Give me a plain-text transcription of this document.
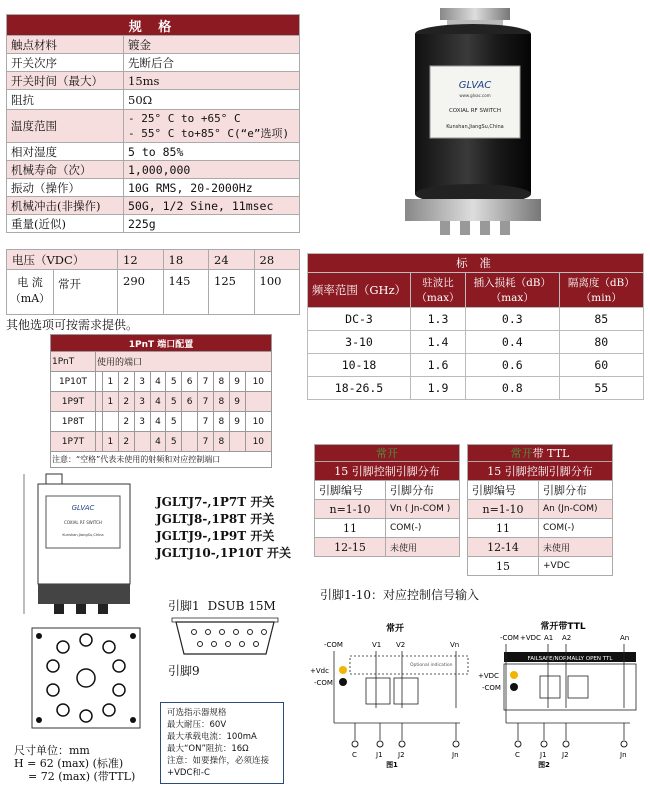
规 格	
触点材料	镀金
开关次序	先断后合
开关时间（最大）	15ms
阻抗	50Ω
温度范围	- 25° C to +65° C
- 55° C to+85° C(“e”选项)

相对湿度	5 to 85%
机械寿命（次）	1,000,000
振动（操作）	10G RMS, 20-2000Hz
机械冲击(非操作)	50G, 1/2 Sine, 11msec
重量(近似)	225g
GLVAC
www.glvac.com
COXIAL RF SWITCH
Kunshan,JiangSu,China
电压（VDC）	12	18	24	28

电 流
（mA）
常开	290	145	125	100
其他选项可按需求提供。
标 准			
频率范围（GHz）	驻波比（max）	插入损耗（dB）（max）	隔离度（dB）（min）
DC-3	1.3	0.3	85
3-10	1.4	0.4	80
10-18	1.6	0.6	60
18-26.5	1.9	0.8	55
1PnT 端口配置											
1PnT	使用的端口										
1P10T		1	2	3	4	5	6	7	8	9	10
1P9T		1	2	3	4	5	6	7	8	9	
1P8T			2	3	4	5		7	8	9	10
1P7T		1	2		4	5		7	8		10
注意：“空格”代表未使用的射频和对应控制端口												常开	
15 引脚控制引脚分布	
引脚编号	引脚分布
n=1-10	Vn ( Jn-COM )
11	COM(-)
12-15	未使用
常开带 TTL	
15 引脚控制引脚分布	
引脚编号	引脚分布
n=1-10	An (Jn-COM)
11	COM(-)
12-14	未使用
15	+VDC
JGLTJ7-,1P7T 开关
JGLTJ8-,1P8T 开关
JGLTJ9-,1P9T 开关
JGLTJ10-,1P10T 开关
引脚1-10：对应控制信号输入
GLVAC
COXIAL RF SWITCH
Kunshan,JiangSu,China
尺寸单位：mm
H = 62 (max) (标准)
= 72 (max) (带TTL)
引脚1 DSUB 15M
引脚9
可选指示器规格
最大耐压：60V
最大承载电流：100mA
最大“ON”阻抗：16Ω
注意：如要操作，必须连接+VDC和-C
常开
-COM	V1 V2	Vn
+Vdc
-COM
Optional indication
C	J1 J2	Jn
图1
常开带TTL
-COM +VDC A1 A2	An
+VDC
-COM
FAILSAFE/NORMALLY OPEN TTL
C	J1 J2	Jn
图2
